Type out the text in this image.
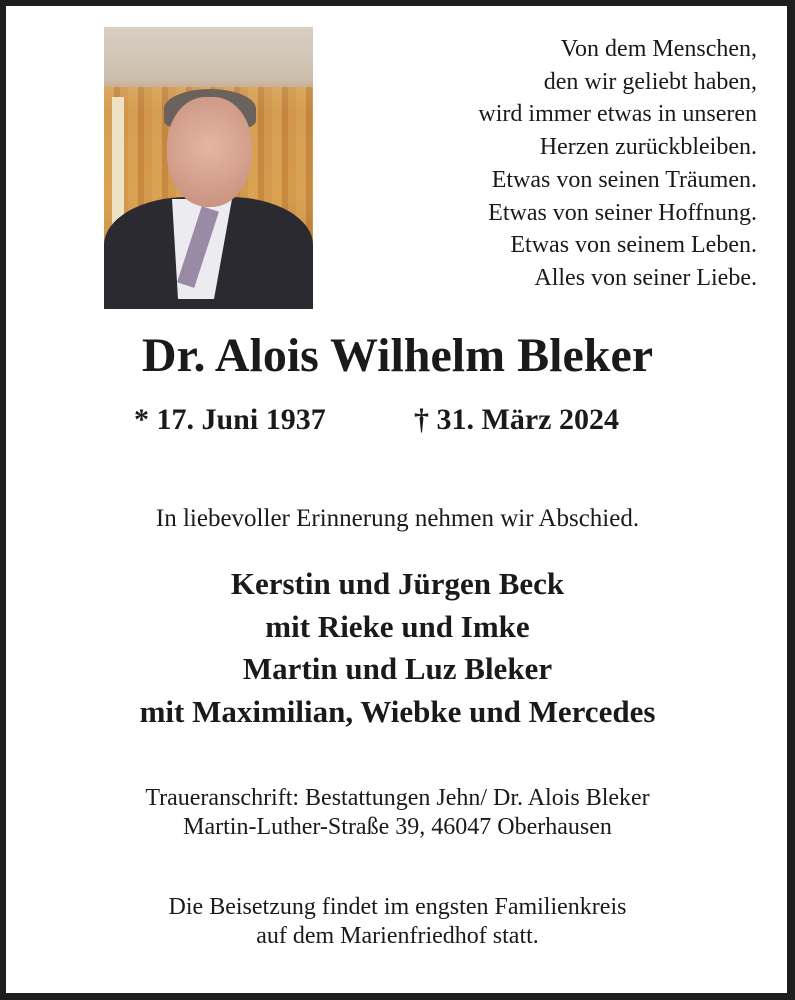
Von dem Menschen,
den wir geliebt haben,
wird immer etwas in unseren
Herzen zurückbleiben.
Etwas von seinen Träumen.
Etwas von seiner Hoffnung.
Etwas von seinem Leben.
Alles von seiner Liebe.
Dr. Alois Wilhelm Bleker
* 17. Juni 1937	† 31. März 2024
In liebevoller Erinnerung nehmen wir Abschied.
Kerstin und Jürgen Beck
mit Rieke und Imke
Martin und Luz Bleker
mit Maximilian, Wiebke und Mercedes
Traueranschrift: Bestattungen Jehn/ Dr. Alois Bleker
Martin-Luther-Straße 39, 46047 Oberhausen
Die Beisetzung findet im engsten Familienkreis
auf dem Marienfriedhof statt.
